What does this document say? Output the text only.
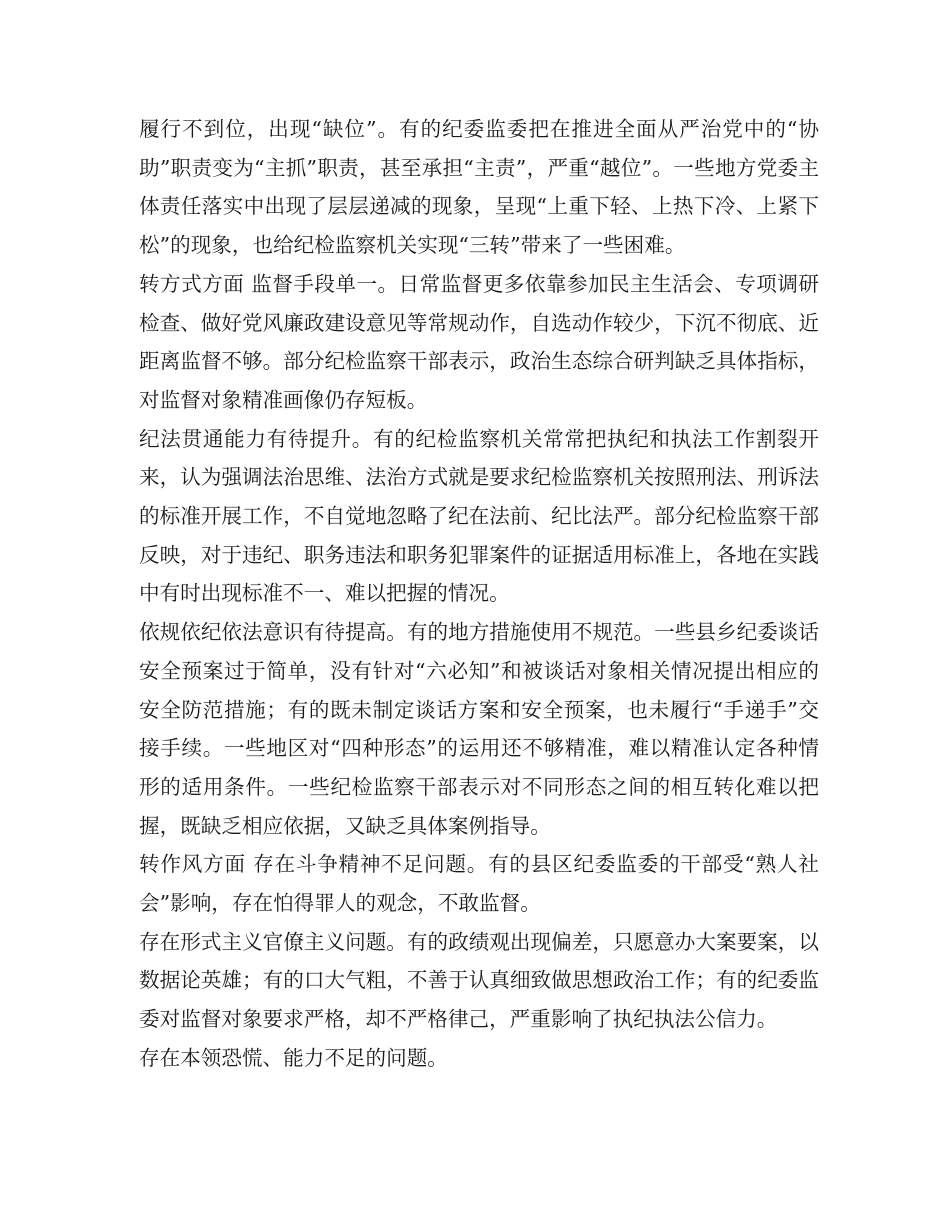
履行不到位，出现“缺位”。有的纪委监委把在推进全面从严治党中的“协助”职责变为“主抓”职责，甚至承担“主责”，严重“越位”。一些地方党委主体责任落实中出现了层层递减的现象，呈现“上重下轻、上热下冷、上紧下松”的现象，也给纪检监察机关实现“三转”带来了一些困难。

转方式方面 监督手段单一。日常监督更多依靠参加民主生活会、专项调研检查、做好党风廉政建设意见等常规动作，自选动作较少，下沉不彻底、近距离监督不够。部分纪检监察干部表示，政治生态综合研判缺乏具体指标，对监督对象精准画像仍存短板。

纪法贯通能力有待提升。有的纪检监察机关常常把执纪和执法工作割裂开来，认为强调法治思维、法治方式就是要求纪检监察机关按照刑法、刑诉法的标准开展工作，不自觉地忽略了纪在法前、纪比法严。部分纪检监察干部反映，对于违纪、职务违法和职务犯罪案件的证据适用标准上，各地在实践中有时出现标准不一、难以把握的情况。

依规依纪依法意识有待提高。有的地方措施使用不规范。一些县乡纪委谈话安全预案过于简单，没有针对“六必知”和被谈话对象相关情况提出相应的安全防范措施；有的既未制定谈话方案和安全预案，也未履行“手递手”交接手续。一些地区对“四种形态”的运用还不够精准，难以精准认定各种情形的适用条件。一些纪检监察干部表示对不同形态之间的相互转化难以把握，既缺乏相应依据，又缺乏具体案例指导。

转作风方面 存在斗争精神不足问题。有的县区纪委监委的干部受“熟人社会”影响，存在怕得罪人的观念，不敢监督。

存在形式主义官僚主义问题。有的政绩观出现偏差，只愿意办大案要案，以数据论英雄；有的口大气粗，不善于认真细致做思想政治工作；有的纪委监委对监督对象要求严格，却不严格律己，严重影响了执纪执法公信力。

存在本领恐慌、能力不足的问题。
